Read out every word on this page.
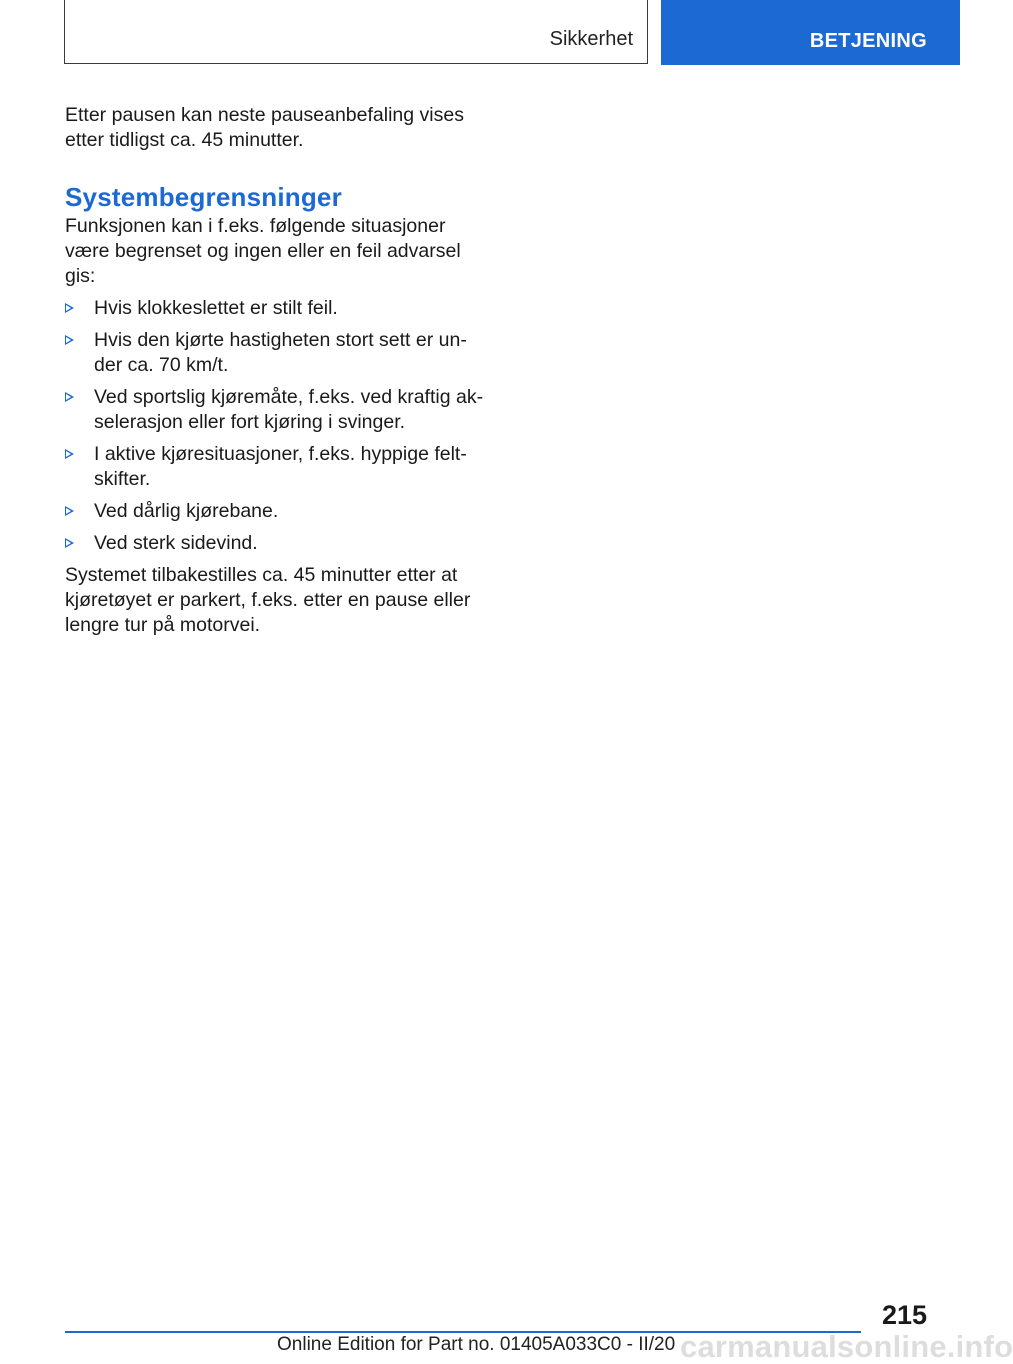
Sikkerhet	BETJENING

Etter pausen kan neste pauseanbefaling vises etter tidligst ca. 45 minutter.

Systembegrensninger

Funksjonen kan i f.eks. følgende situasjoner være begrenset og ingen eller en feil advarsel gis:

Hvis klokkeslettet er stilt feil.
Hvis den kjørte hastigheten stort sett er un- der ca. 70 km/t.
Ved sportslig kjøremåte, f.eks. ved kraftig ak- selerasjon eller fort kjøring i svinger.
I aktive kjøresituasjoner, f.eks. hyppige felt- skifter.
Ved dårlig kjørebane.
Ved sterk sidevind.

Systemet tilbakestilles ca. 45 minutter etter at kjøretøyet er parkert, f.eks. etter en pause eller lengre tur på motorvei.

215
Online Edition for Part no. 01405A033C0 - II/20 carmanualsonline.info
